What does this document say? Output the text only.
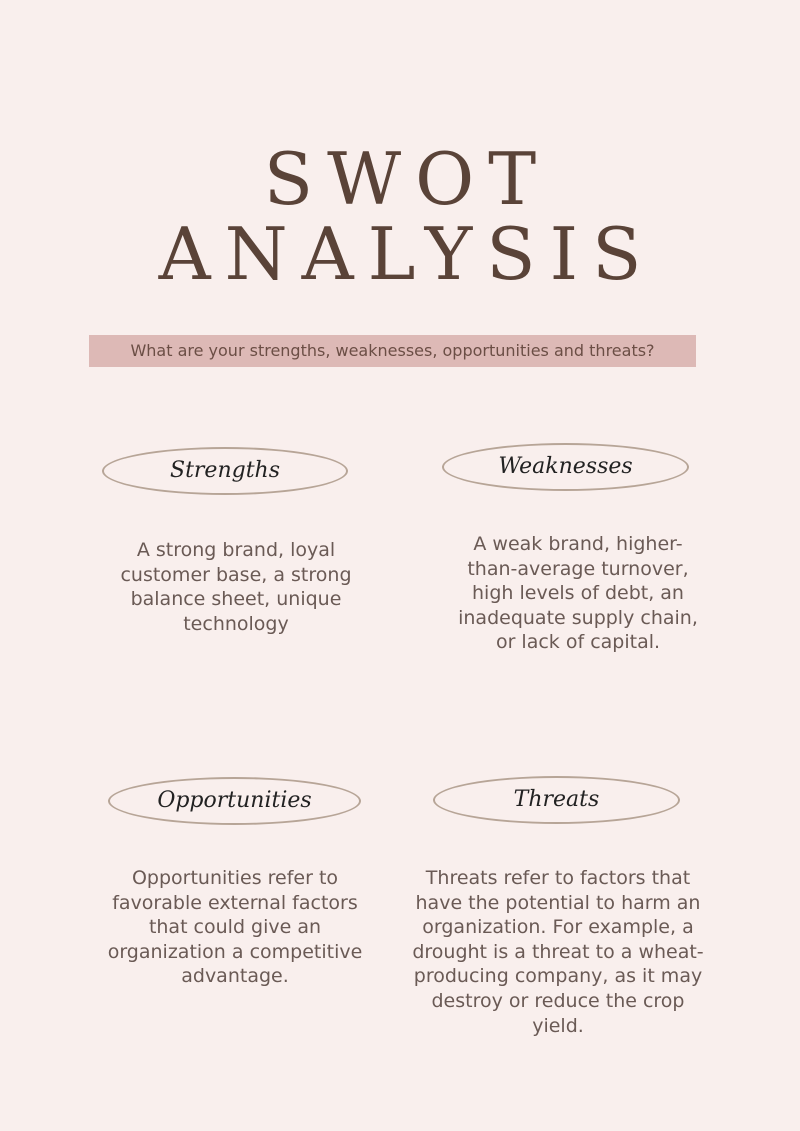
SWOT
ANALYSIS
What are your strengths, weaknesses, opportunities and threats?
Strengths	Weaknesses

A strong brand, loyal customer base, a strong balance sheet, unique technology

A weak brand, higher-than-average turnover, high levels of debt, an inadequate supply chain, or lack of capital.

Opportunities	Threats

Opportunities refer to favorable external factors that could give an organization a competitive advantage.

Threats refer to factors that have the potential to harm an organization. For example, a drought is a threat to a wheat-producing company, as it may destroy or reduce the crop yield.
